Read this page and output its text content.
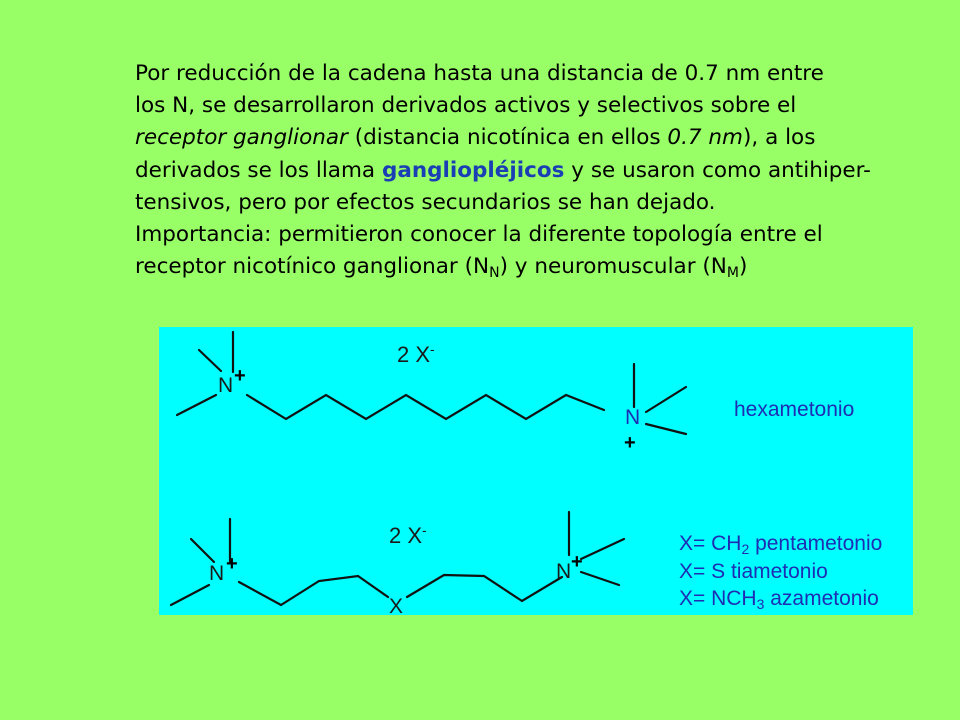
Por reducción de la cadena hasta una distancia de 0.7 nm entre

los N, se desarrollaron derivados activos y selectivos sobre el

receptor ganglionar (distancia nicotínica en ellos 0.7 nm), a los

derivados se los llama gangliopléjicos y se usaron como antihiper-

tensivos, pero por efectos secundarios se han dejado.

Importancia: permitieron conocer la diferente topología entre el

receptor nicotínico ganglionar $(N_N)$ y neuromuscular $(N_M)$

2 X-
N +
N
+
hexametonio
2 X-
N +
X
N +
$X= CH_2$ pentametonio
X= S tiametonio
$X= NCH_3$ azametonio
